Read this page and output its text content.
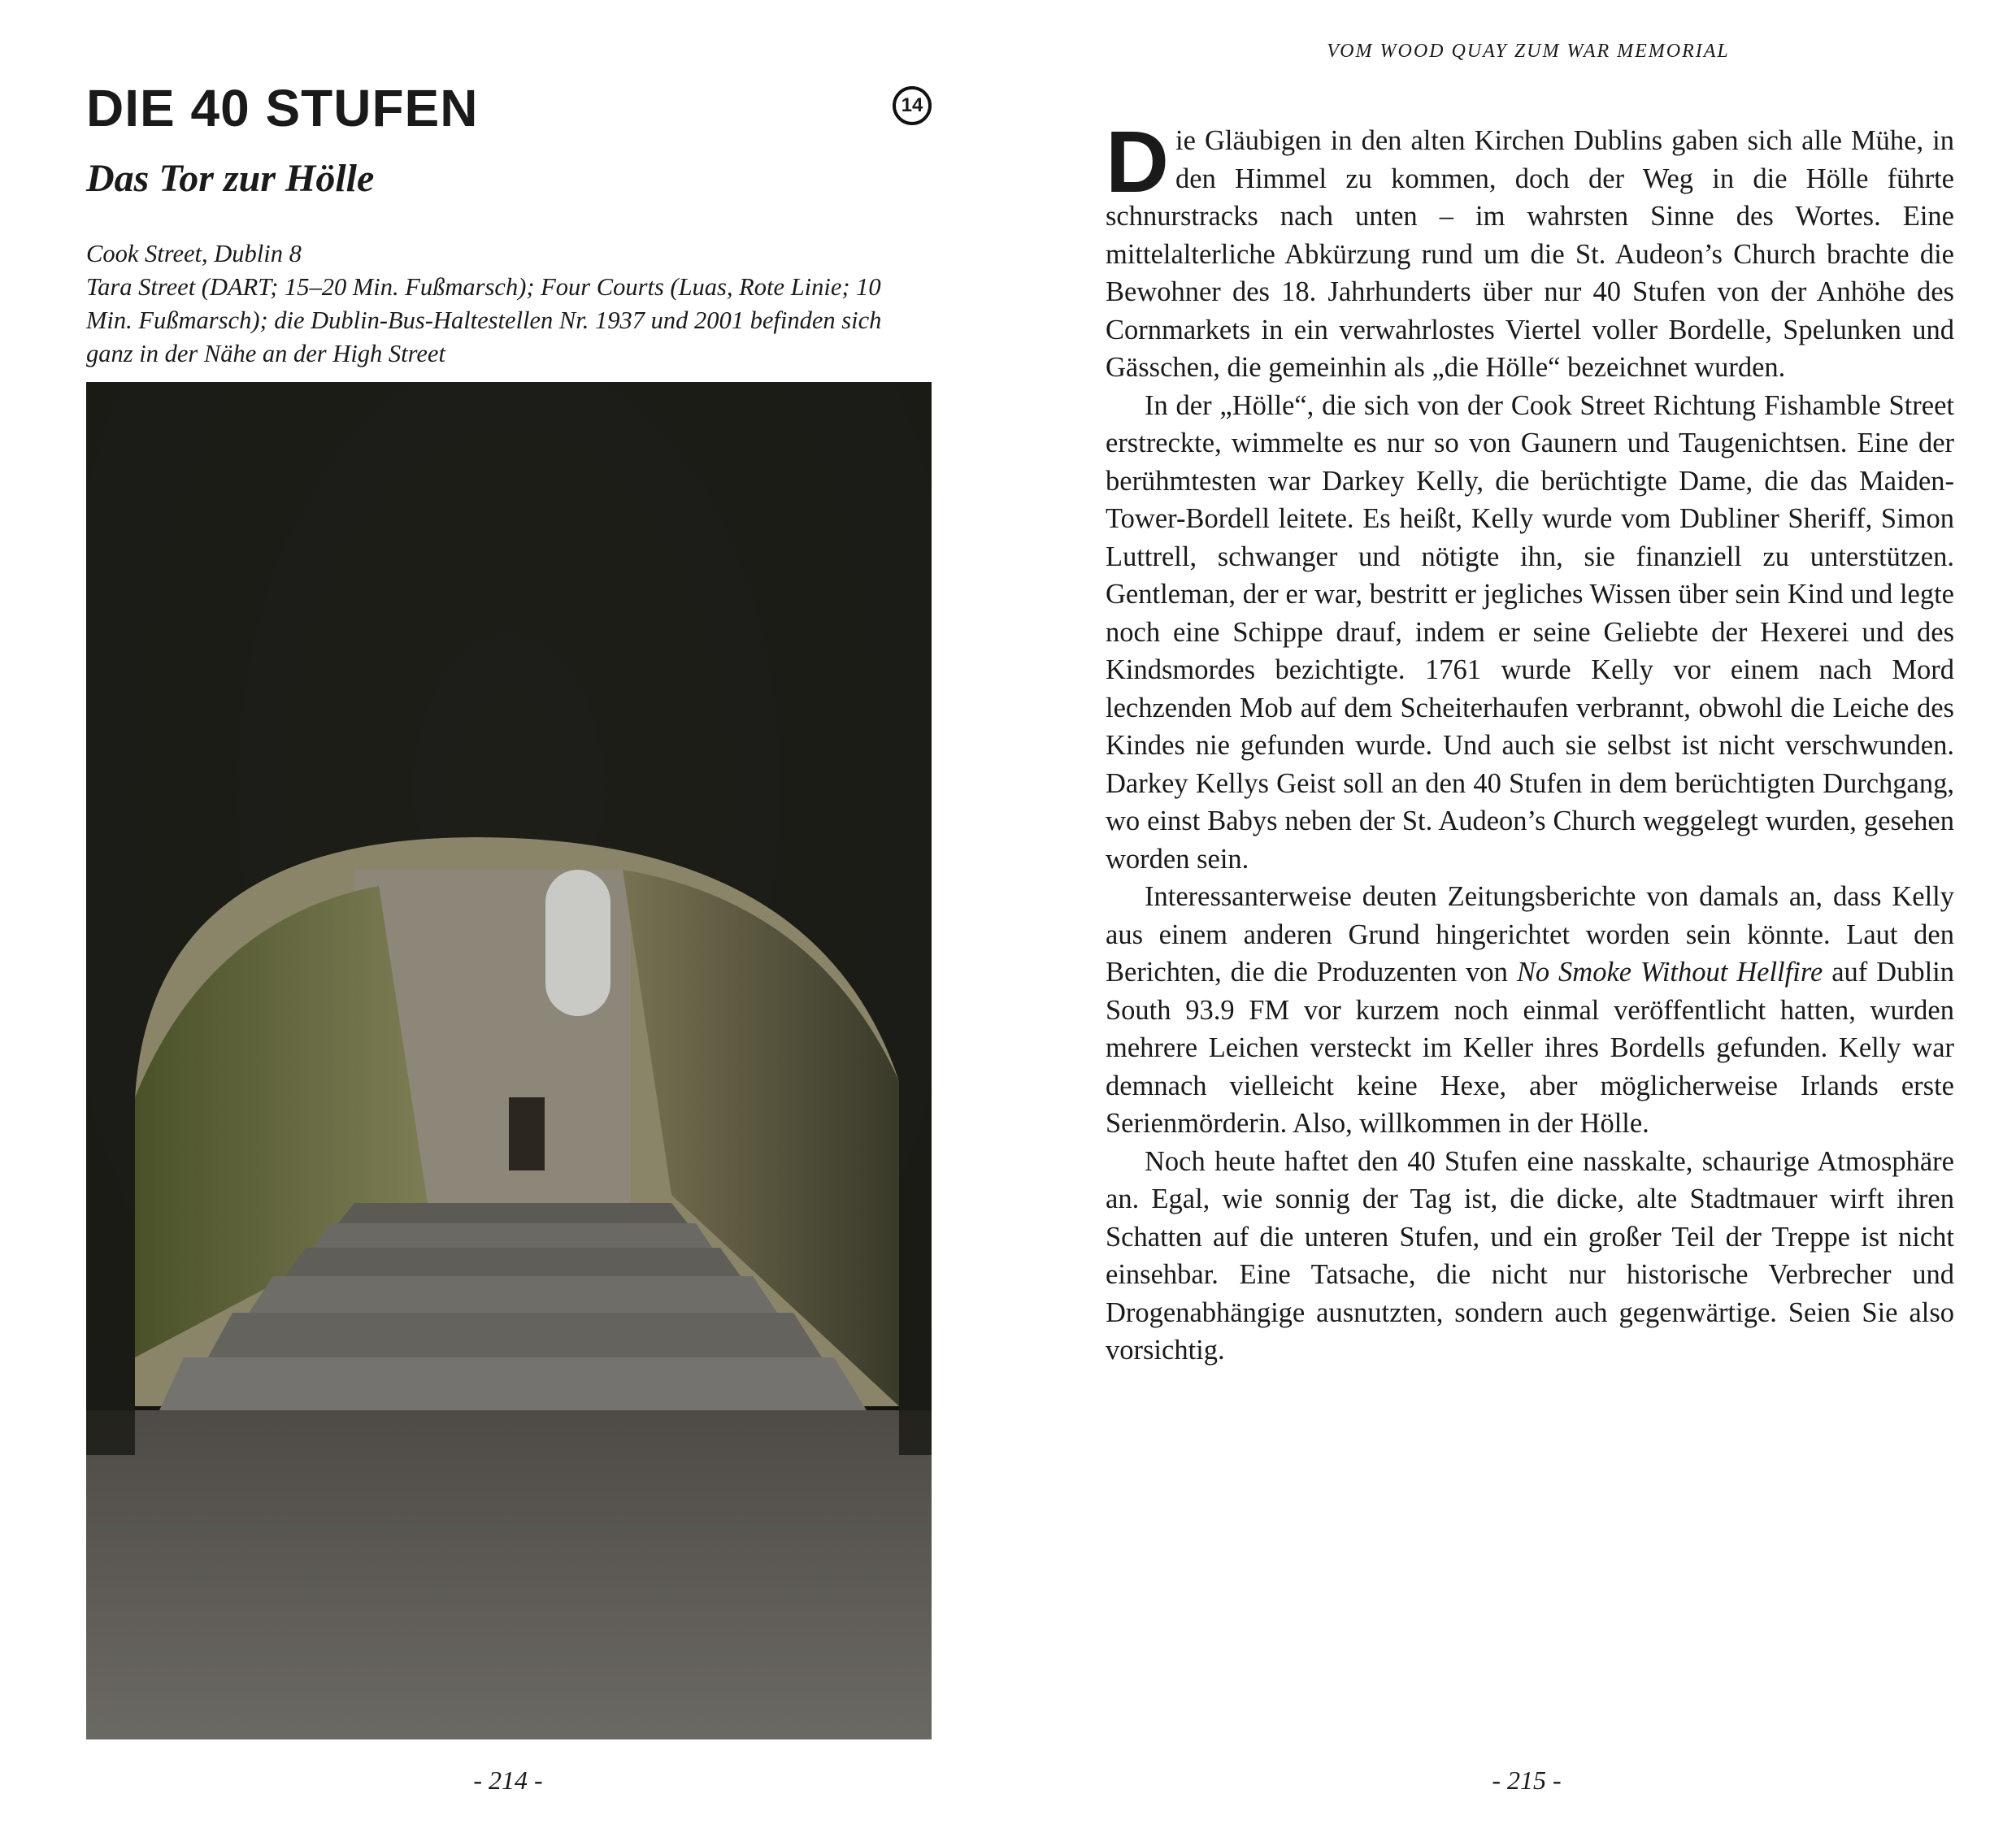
DIE 40 STUFEN	14
Das Tor zur Hölle

Cook Street, Dublin 8

Tara Street (DART; 15–20 Min. Fußmarsch); Four Courts (Luas, Rote Linie; 10 Min. Fußmarsch); die Dublin-Bus-Haltestellen Nr. 1937 und 2001 befinden sich ganz in der Nähe an der High Street

- 214 -
VOM WOOD QUAY ZUM WAR MEMORIAL

Die Gläubigen in den alten Kirchen Dublins gaben sich alle Mühe, in den Himmel zu kommen, doch der Weg in die Hölle führte schnurstracks nach unten – im wahrsten Sinne des Wortes. Eine mittelalterliche Abkürzung rund um die St. Audeon’s Church brachte die Bewohner des 18. Jahrhunderts über nur 40 Stufen von der Anhöhe des Cornmarkets in ein verwahrlostes Viertel voller Bordelle, Spelunken und Gässchen, die gemeinhin als „die Hölle“ bezeichnet wurden.

In der „Hölle“, die sich von der Cook Street Richtung Fishamble Street erstreckte, wimmelte es nur so von Gaunern und Taugenichtsen. Eine der berühmtesten war Darkey Kelly, die berüchtigte Dame, die das Maiden-Tower-Bordell leitete. Es heißt, Kelly wurde vom Dubliner Sheriff, Simon Luttrell, schwanger und nötigte ihn, sie finanziell zu unterstützen. Gentleman, der er war, bestritt er jegliches Wissen über sein Kind und legte noch eine Schippe drauf, indem er seine Geliebte der Hexerei und des Kindsmordes bezichtigte. 1761 wurde Kelly vor einem nach Mord lechzenden Mob auf dem Scheiterhaufen verbrannt, obwohl die Leiche des Kindes nie gefunden wurde. Und auch sie selbst ist nicht verschwunden. Darkey Kellys Geist soll an den 40 Stufen in dem berüchtigten Durchgang, wo einst Babys neben der St. Audeon’s Church weggelegt wurden, gesehen worden sein.

Interessanterweise deuten Zeitungsberichte von damals an, dass Kelly aus einem anderen Grund hingerichtet worden sein könnte. Laut den Berichten, die die Produzenten von No Smoke Without Hellfire auf Dublin South 93.9 FM vor kurzem noch einmal veröffentlicht hatten, wurden mehrere Leichen versteckt im Keller ihres Bordells gefunden. Kelly war demnach vielleicht keine Hexe, aber möglicherweise Irlands erste Serienmörderin. Also, willkommen in der Hölle.

Noch heute haftet den 40 Stufen eine nasskalte, schaurige Atmosphäre an. Egal, wie sonnig der Tag ist, die dicke, alte Stadtmauer wirft ihren Schatten auf die unteren Stufen, und ein großer Teil der Treppe ist nicht einsehbar. Eine Tatsache, die nicht nur historische Verbrecher und Drogenabhängige ausnutzten, sondern auch gegenwärtige. Seien Sie also vorsichtig.

- 215 -
